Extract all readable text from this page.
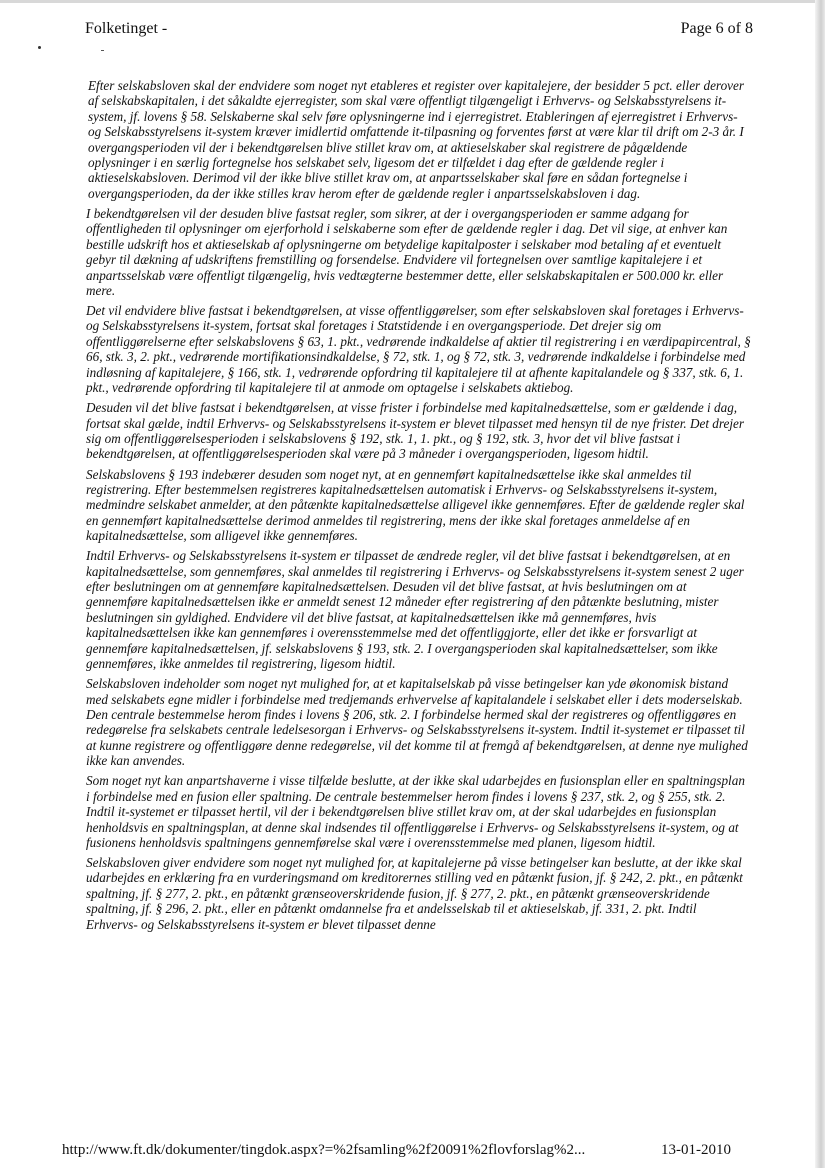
Folketinget -	Page 6 of 8

Efter selskabsloven skal der endvidere som noget nyt etableres et register over kapitalejere, der besidder 5 pct. eller derover af selskabskapitalen, i det såkaldte ejerregister, som skal være offentligt tilgængeligt i Erhvervs- og Selskabsstyrelsens it-system, jf. lovens § 58. Selskaberne skal selv føre oplysningerne ind i ejerregistret. Etableringen af ejerregistret i Erhvervs- og Selskabsstyrelsens it-system kræver imidlertid omfattende it-tilpasning og forventes først at være klar til drift om 2-3 år. I overgangsperioden vil der i bekendtgørelsen blive stillet krav om, at aktieselskaber skal registrere de pågældende oplysninger i en særlig fortegnelse hos selskabet selv, ligesom det er tilfældet i dag efter de gældende regler i aktieselskabsloven. Derimod vil der ikke blive stillet krav om, at anpartsselskaber skal føre en sådan fortegnelse i overgangsperioden, da der ikke stilles krav herom efter de gældende regler i anpartsselskabsloven i dag.

I bekendtgørelsen vil der desuden blive fastsat regler, som sikrer, at der i overgangsperioden er samme adgang for offentligheden til oplysninger om ejerforhold i selskaberne som efter de gældende regler i dag. Det vil sige, at enhver kan bestille udskrift hos et aktieselskab af oplysningerne om betydelige kapitalposter i selskaber mod betaling af et eventuelt gebyr til dækning af udskriftens fremstilling og forsendelse. Endvidere vil fortegnelsen over samtlige kapitalejere i et anpartsselskab være offentligt tilgængelig, hvis vedtægterne bestemmer dette, eller selskabskapitalen er 500.000 kr. eller mere.

Det vil endvidere blive fastsat i bekendtgørelsen, at visse offentliggørelser, som efter selskabsloven skal foretages i Erhvervs- og Selskabsstyrelsens it-system, fortsat skal foretages i Statstidende i en overgangsperiode. Det drejer sig om offentliggørelserne efter selskabslovens § 63, 1. pkt., vedrørende indkaldelse af aktier til registrering i en værdipapircentral, § 66, stk. 3, 2. pkt., vedrørende mortifikationsindkaldelse, § 72, stk. 1, og § 72, stk. 3, vedrørende indkaldelse i forbindelse med indløsning af kapitalejere, § 166, stk. 1, vedrørende opfordring til kapitalejere til at afhente kapitalandele og § 337, stk. 6, 1. pkt., vedrørende opfordring til kapitalejere til at anmode om optagelse i selskabets aktiebog.

Desuden vil det blive fastsat i bekendtgørelsen, at visse frister i forbindelse med kapitalnedsættelse, som er gældende i dag, fortsat skal gælde, indtil Erhvervs- og Selskabsstyrelsens it-system er blevet tilpasset med hensyn til de nye frister. Det drejer sig om offentliggørelsesperioden i selskabslovens § 192, stk. 1, 1. pkt., og § 192, stk. 3, hvor det vil blive fastsat i bekendtgørelsen, at offentliggørelsesperioden skal være på 3 måneder i overgangsperioden, ligesom hidtil.

Selskabslovens § 193 indebærer desuden som noget nyt, at en gennemført kapitalnedsættelse ikke skal anmeldes til registrering. Efter bestemmelsen registreres kapitalnedsættelsen automatisk i Erhvervs- og Selskabsstyrelsens it-system, medmindre selskabet anmelder, at den påtænkte kapitalnedsættelse alligevel ikke gennemføres. Efter de gældende regler skal en gennemført kapitalnedsættelse derimod anmeldes til registrering, mens der ikke skal foretages anmeldelse af en kapitalnedsættelse, som alligevel ikke gennemføres.

Indtil Erhvervs- og Selskabsstyrelsens it-system er tilpasset de ændrede regler, vil det blive fastsat i bekendtgørelsen, at en kapitalnedsættelse, som gennemføres, skal anmeldes til registrering i Erhvervs- og Selskabsstyrelsens it-system senest 2 uger efter beslutningen om at gennemføre kapitalnedsættelsen. Desuden vil det blive fastsat, at hvis beslutningen om at gennemføre kapitalnedsættelsen ikke er anmeldt senest 12 måneder efter registrering af den påtænkte beslutning, mister beslutningen sin gyldighed. Endvidere vil det blive fastsat, at kapitalnedsættelsen ikke må gennemføres, hvis kapitalnedsættelsen ikke kan gennemføres i overensstemmelse med det offentliggjorte, eller det ikke er forsvarligt at gennemføre kapitalnedsættelsen, jf. selskabslovens § 193, stk. 2. I overgangsperioden skal kapitalnedsættelser, som ikke gennemføres, ikke anmeldes til registrering, ligesom hidtil.

Selskabsloven indeholder som noget nyt mulighed for, at et kapitalselskab på visse betingelser kan yde økonomisk bistand med selskabets egne midler i forbindelse med tredjemands erhvervelse af kapitalandele i selskabet eller i dets moderselskab. Den centrale bestemmelse herom findes i lovens § 206, stk. 2. I forbindelse hermed skal der registreres og offentliggøres en redegørelse fra selskabets centrale ledelsesorgan i Erhvervs- og Selskabsstyrelsens it-system. Indtil it-systemet er tilpasset til at kunne registrere og offentliggøre denne redegørelse, vil det komme til at fremgå af bekendtgørelsen, at denne nye mulighed ikke kan anvendes.

Som noget nyt kan anpartshaverne i visse tilfælde beslutte, at der ikke skal udarbejdes en fusionsplan eller en spaltningsplan i forbindelse med en fusion eller spaltning. De centrale bestemmelser herom findes i lovens § 237, stk. 2, og § 255, stk. 2. Indtil it-systemet er tilpasset hertil, vil der i bekendtgørelsen blive stillet krav om, at der skal udarbejdes en fusionsplan henholdsvis en spaltningsplan, at denne skal indsendes til offentliggørelse i Erhvervs- og Selskabsstyrelsens it-system, og at fusionens henholdsvis spaltningens gennemførelse skal være i overensstemmelse med planen, ligesom hidtil.

Selskabsloven giver endvidere som noget nyt mulighed for, at kapitalejerne på visse betingelser kan beslutte, at der ikke skal udarbejdes en erklæring fra en vurderingsmand om kreditorernes stilling ved en påtænkt fusion, jf. § 242, 2. pkt., en påtænkt spaltning, jf. § 277, 2. pkt., en påtænkt grænseoverskridende fusion, jf. § 277, 2. pkt., en påtænkt grænseoverskridende spaltning, jf. § 296, 2. pkt., eller en påtænkt omdannelse fra et andelsselskab til et aktieselskab, jf. 331, 2. pkt. Indtil Erhvervs- og Selskabsstyrelsens it-system er blevet tilpasset denne

http://www.ft.dk/dokumenter/tingdok.aspx?=%2fsamling%2f20091%2flovforslag%2...	13-01-2010
